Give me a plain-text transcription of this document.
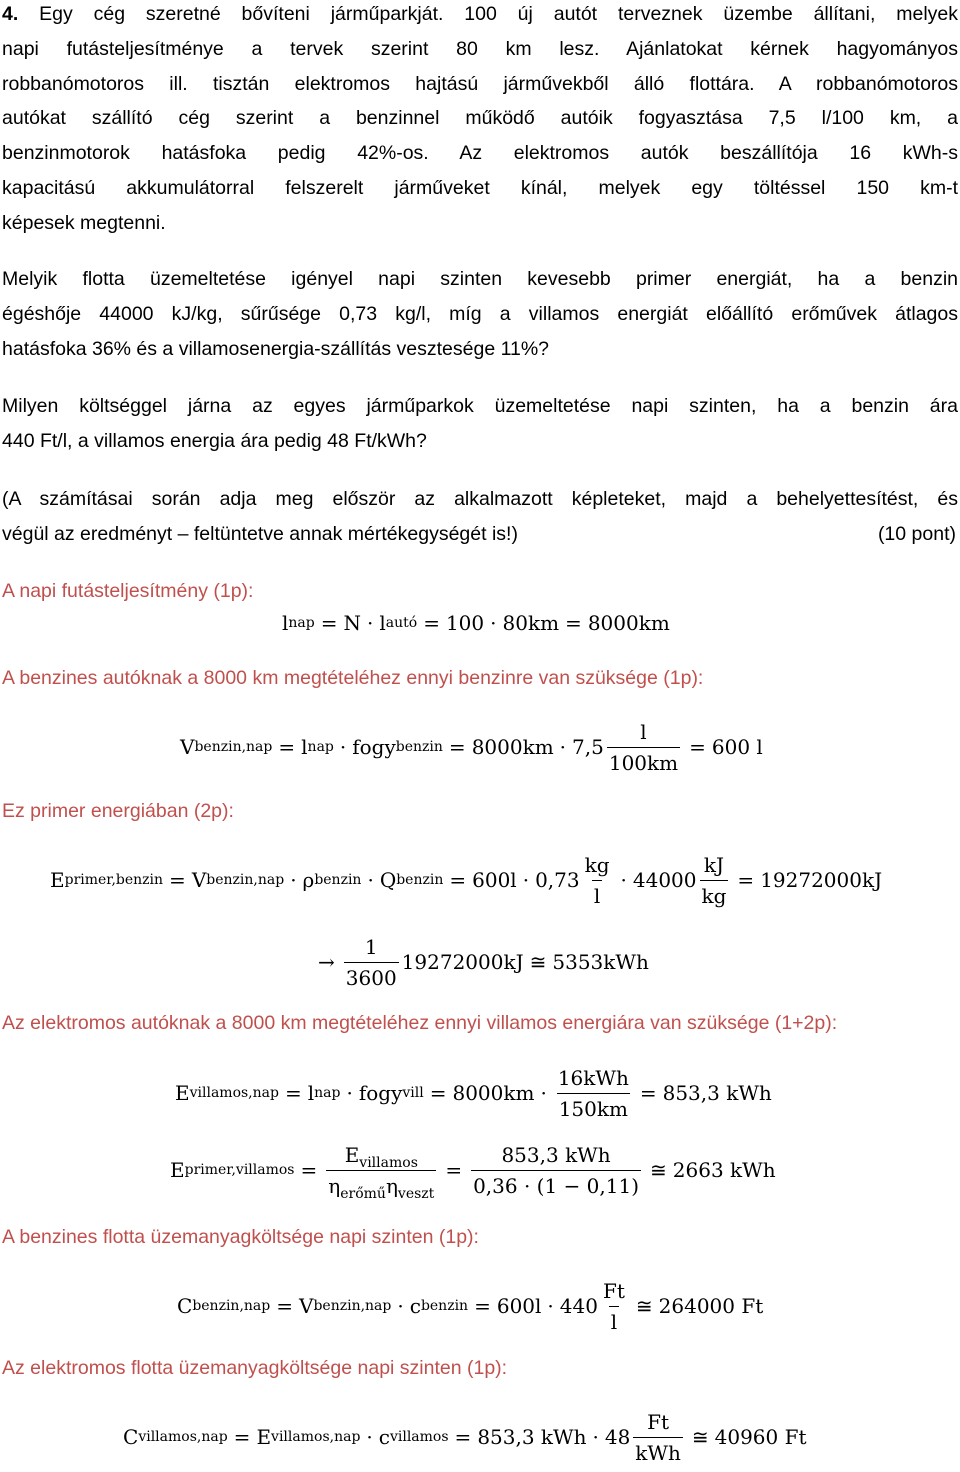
4. Egy cég szeretné bővíteni járműparkját. 100 új autót terveznek üzembe állítani, melyek
napi futásteljesítménye a tervek szerint 80 km lesz. Ajánlatokat kérnek hagyományos
robbanómotoros ill. tisztán elektromos hajtású járművekből álló flottára. A robbanómotoros
autókat szállító cég szerint a benzinnel működő autóik fogyasztása 7,5 l/100 km, a
benzinmotorok hatásfoka pedig 42%-os. Az elektromos autók beszállítója 16 kWh-s
kapacitású akkumulátorral felszerelt járműveket kínál, melyek egy töltéssel 150 km-t
képesek megtenni.
Melyik flotta üzemeltetése igényel napi szinten kevesebb primer energiát, ha a benzin
égéshője 44000 kJ/kg, sűrűsége 0,73 kg/l, míg a villamos energiát előállító erőművek átlagos
hatásfoka 36% és a villamosenergia-szállítás vesztesége 11%?
Milyen költséggel járna az egyes járműparkok üzemeltetése napi szinten, ha a benzin ára
440 Ft/l, a villamos energia ára pedig 48 Ft/kWh?
(A számításai során adja meg először az alkalmazott képleteket, majd a behelyettesítést, és
végül az eredményt – feltüntetve annak mértékegységét is!)	(10 pont)
A napi futásteljesítmény (1p):
A benzines autóknak a 8000 km megtételéhez ennyi benzinre van szüksége (1p):
Ez primer energiában (2p):
Az elektromos autóknak a 8000 km megtételéhez ennyi villamos energiára van szüksége (1+2p):
A benzines flotta üzemanyagköltsége napi szinten (1p):
Az elektromos flotta üzemanyagköltsége napi szinten (1p):
l nap = N · l autó = 100 · 80km = 8000km
V benzin,nap = l nap · fogy benzin = $8000km \cdot 7,5 \frac{l}{100km} = 600$ l
E primer,benzin = V benzin,nap · ρ benzin · Q benzin = $600l \cdot 0,73 \frac{kg}{l} \cdot 44000 \frac{kJ}{kg} = 19272000kJ$
→ $\frac{1}{3600} 19272000kJ$ ≅ 5353kWh
E villamos,nap = l nap · fogy vill = $8000km \cdot \frac{\text{16kWh}}{150km} = 853,3$ kWh
E primer,villamos = $\frac{E_{villamos}}{\eta_{erőmű}\eta_{veszt}} = \frac{\text{853,3 kWh}}{0,36 \cdot (1 - 0,11)}$ ≅ 2663 kWh
C benzin,nap = V benzin,nap · c benzin = $600l \cdot 440 \frac{Ft}{l}$ ≅ 264000 Ft
C villamos,nap = E villamos,nap · c villamos = 853,3 kWh · $48 \frac{Ft}{\text{kWh}}$ ≅ 40960 Ft
